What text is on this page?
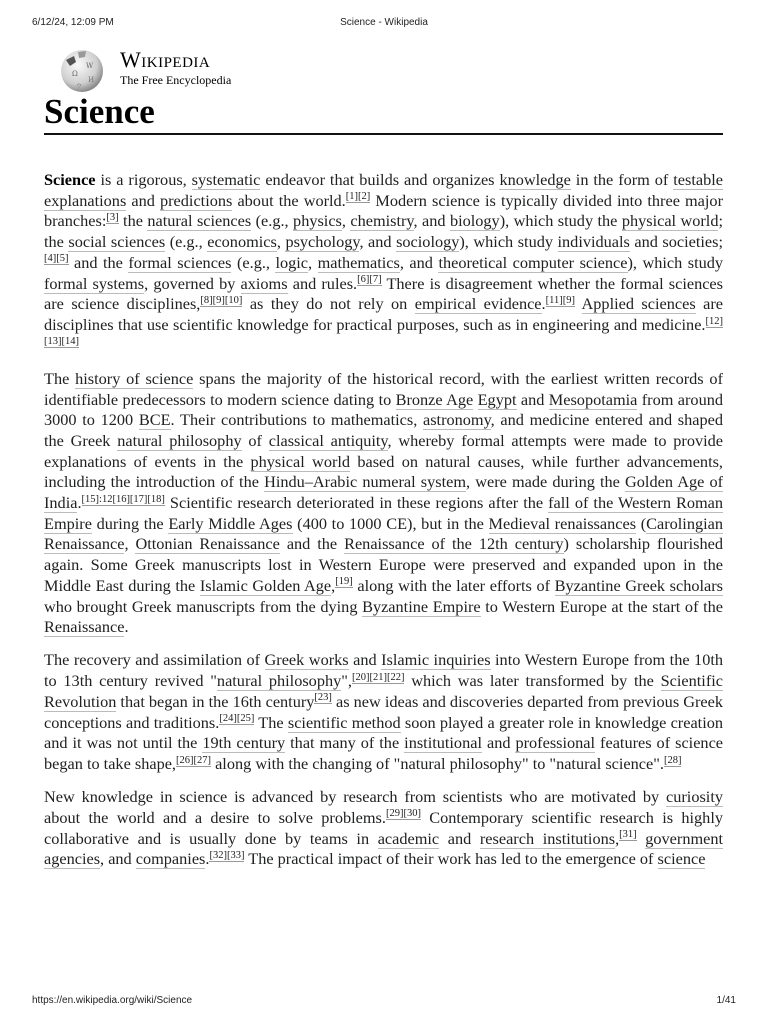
6/12/24, 12:09 PM	Science - Wikipedia
Ω
W
И
ウ
Wikipedia
The Free Encyclopedia
Science

Science is a rigorous, systematic endeavor that builds and organizes knowledge in the form of testable explanations and predictions about the world.[1][2] Modern science is typically divided into three major branches:[3] the natural sciences (e.g., physics, chemistry, and biology), which study the physical world; the social sciences (e.g., economics, psychology, and sociology), which study individuals and societies;[4][5] and the formal sciences (e.g., logic, mathematics, and theoretical computer science), which study formal systems, governed by axioms and rules.[6][7] There is disagreement whether the formal sciences are science disciplines,[8][9][10] as they do not rely on empirical evidence.[11][9] Applied sciences are disciplines that use scientific knowledge for practical purposes, such as in engineering and medicine.[12][13][14]

The history of science spans the majority of the historical record, with the earliest written records of identifiable predecessors to modern science dating to Bronze Age Egypt and Mesopotamia from around 3000 to 1200 BCE. Their contributions to mathematics, astronomy, and medicine entered and shaped the Greek natural philosophy of classical antiquity, whereby formal attempts were made to provide explanations of events in the physical world based on natural causes, while further advancements, including the introduction of the Hindu–Arabic numeral system, were made during the Golden Age of India.[15]:12[16][17][18] Scientific research deteriorated in these regions after the fall of the Western Roman Empire during the Early Middle Ages (400 to 1000 CE), but in the Medieval renaissances (Carolingian Renaissance, Ottonian Renaissance and the Renaissance of the 12th century) scholarship flourished again. Some Greek manuscripts lost in Western Europe were preserved and expanded upon in the Middle East during the Islamic Golden Age,[19] along with the later efforts of Byzantine Greek scholars who brought Greek manuscripts from the dying Byzantine Empire to Western Europe at the start of the Renaissance.

The recovery and assimilation of Greek works and Islamic inquiries into Western Europe from the 10th to 13th century revived "natural philosophy",[20][21][22] which was later transformed by the Scientific Revolution that began in the 16th century[23] as new ideas and discoveries departed from previous Greek conceptions and traditions.[24][25] The scientific method soon played a greater role in knowledge creation and it was not until the 19th century that many of the institutional and professional features of science began to take shape,[26][27] along with the changing of "natural philosophy" to "natural science".[28]

New knowledge in science is advanced by research from scientists who are motivated by curiosity about the world and a desire to solve problems.[29][30] Contemporary scientific research is highly collaborative and is usually done by teams in academic and research institutions,[31] government agencies, and companies.[32][33] The practical impact of their work has led to the emergence of science

https://en.wikipedia.org/wiki/Science	1/41
